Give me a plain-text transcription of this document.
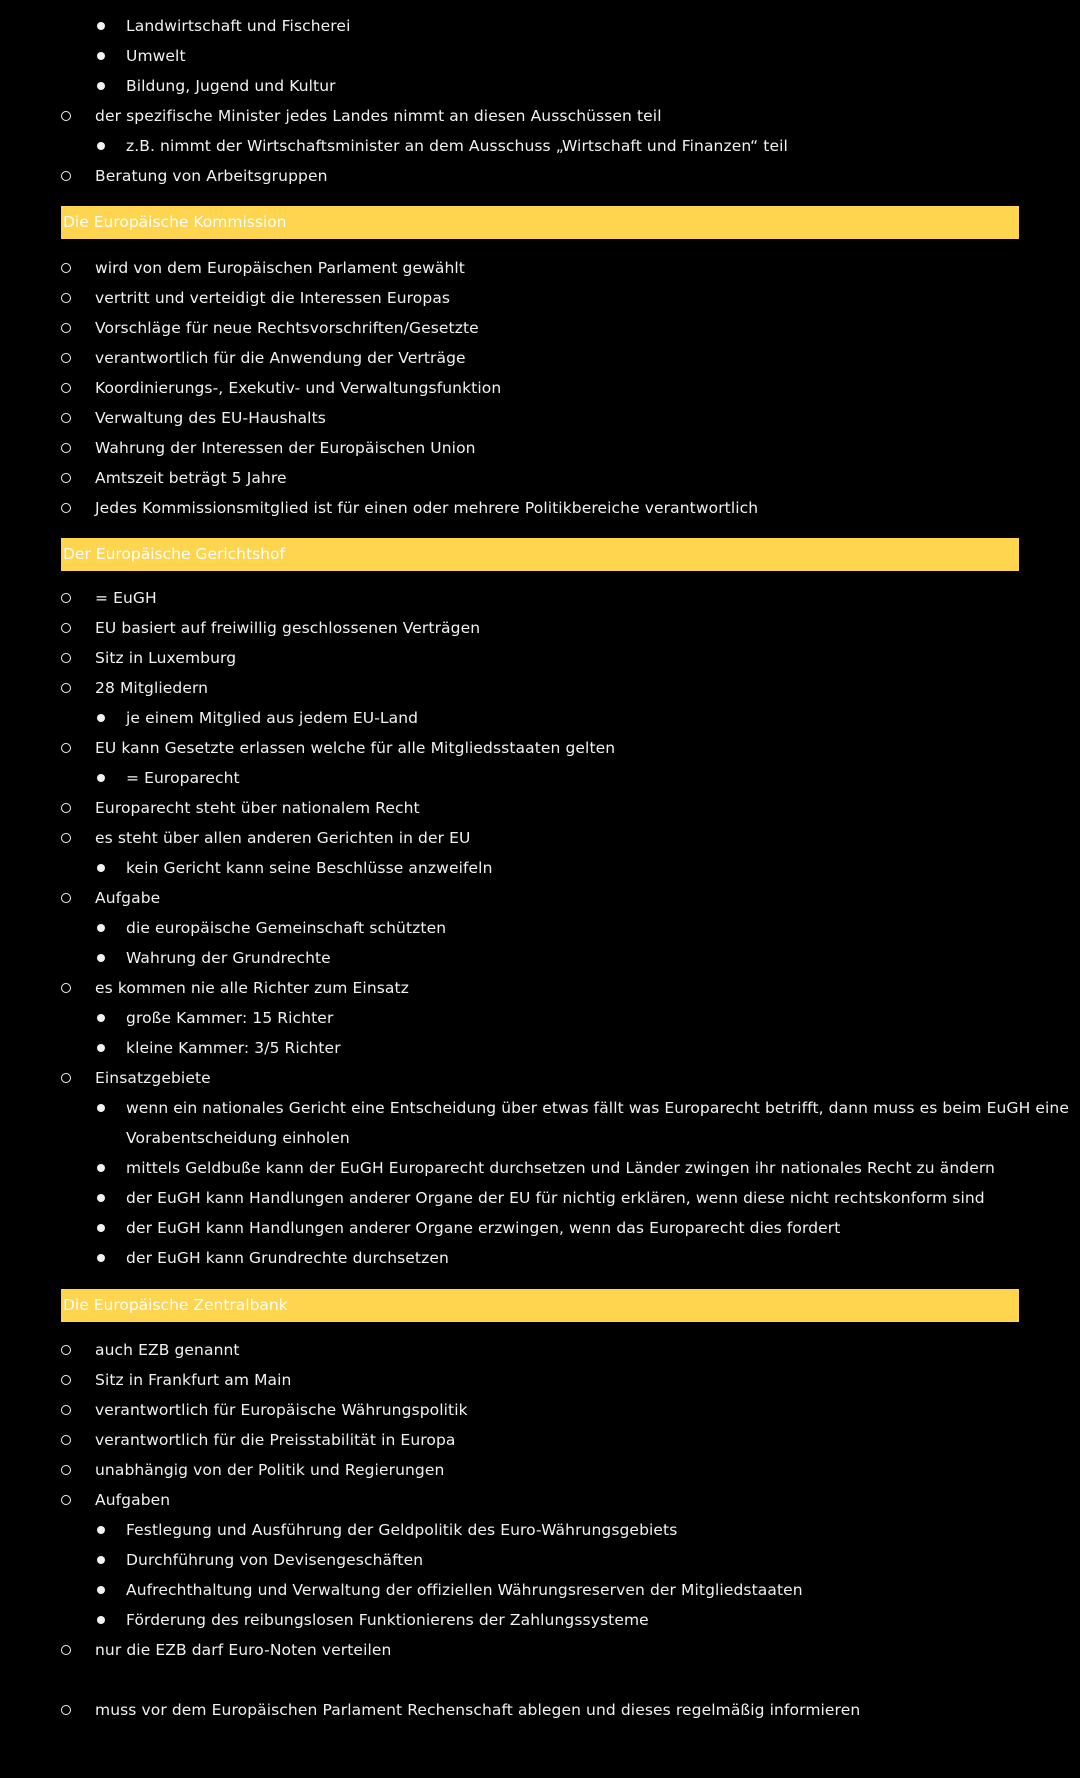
Landwirtschaft und Fischerei
Umwelt
Bildung, Jugend und Kultur
der spezifische Minister jedes Landes nimmt an diesen Ausschüssen teil
z.B. nimmt der Wirtschaftsminister an dem Ausschuss „Wirtschaft und Finanzen“ teil
Beratung von Arbeitsgruppen
Die Europäische Kommission
wird von dem Europäischen Parlament gewählt
vertritt und verteidigt die Interessen Europas
Vorschläge für neue Rechtsvorschriften/Gesetzte
verantwortlich für die Anwendung der Verträge
Koordinierungs-, Exekutiv- und Verwaltungsfunktion
Verwaltung des EU-Haushalts
Wahrung der Interessen der Europäischen Union
Amtszeit beträgt 5 Jahre
Jedes Kommissionsmitglied ist für einen oder mehrere Politikbereiche verantwortlich
Der Europäische Gerichtshof
= EuGH
EU basiert auf freiwillig geschlossenen Verträgen
Sitz in Luxemburg
28 Mitgliedern
je einem Mitglied aus jedem EU-Land
EU kann Gesetzte erlassen welche für alle Mitgliedsstaaten gelten
= Europarecht
Europarecht steht über nationalem Recht
es steht über allen anderen Gerichten in der EU
kein Gericht kann seine Beschlüsse anzweifeln
Aufgabe
die europäische Gemeinschaft schützten
Wahrung der Grundrechte
es kommen nie alle Richter zum Einsatz
große Kammer: 15 Richter
kleine Kammer: 3/5 Richter
Einsatzgebiete
wenn ein nationales Gericht eine Entscheidung über etwas fällt was Europarecht betrifft, dann muss es beim EuGH eine
Vorabentscheidung einholen
mittels Geldbuße kann der EuGH Europarecht durchsetzen und Länder zwingen ihr nationales Recht zu ändern
der EuGH kann Handlungen anderer Organe der EU für nichtig erklären, wenn diese nicht rechtskonform sind
der EuGH kann Handlungen anderer Organe erzwingen, wenn das Europarecht dies fordert
der EuGH kann Grundrechte durchsetzen
Die Europäische Zentralbank
auch EZB genannt
Sitz in Frankfurt am Main
verantwortlich für Europäische Währungspolitik
verantwortlich für die Preisstabilität in Europa
unabhängig von der Politik und Regierungen
Aufgaben
Festlegung und Ausführung der Geldpolitik des Euro-Währungsgebiets
Durchführung von Devisengeschäften
Aufrechthaltung und Verwaltung der offiziellen Währungsreserven der Mitgliedstaaten
Förderung des reibungslosen Funktionierens der Zahlungssysteme
nur die EZB darf Euro-Noten verteilen
muss vor dem Europäischen Parlament Rechenschaft ablegen und dieses regelmäßig informieren
